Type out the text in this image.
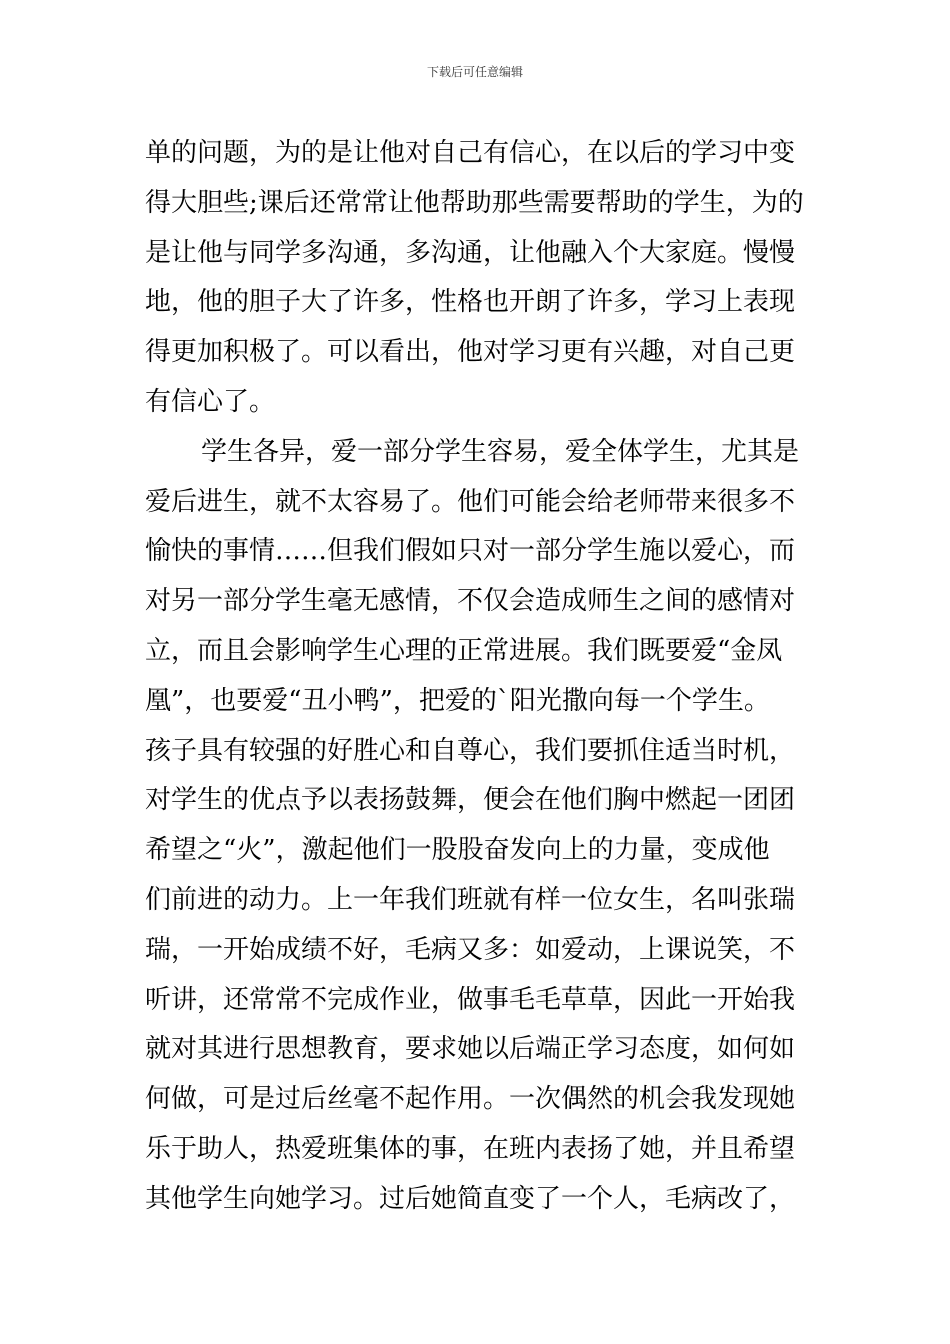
下载后可任意编辑
单的问题，为的是让他对自己有信心，在以后的学习中变
得大胆些;课后还常常让他帮助那些需要帮助的学生，为的
是让他与同学多沟通，多沟通，让他融入个大家庭。慢慢
地，他的胆子大了许多，性格也开朗了许多，学习上表现
得更加积极了。可以看出，他对学习更有兴趣，对自己更
有信心了。
学生各异，爱一部分学生容易，爱全体学生，尤其是
爱后进生，就不太容易了。他们可能会给老师带来很多不
愉快的事情……但我们假如只对一部分学生施以爱心，而
对另一部分学生毫无感情，不仅会造成师生之间的感情对
立，而且会影响学生心理的正常进展。我们既要爱“金凤
凰”，也要爱“丑小鸭”，把爱的`阳光撒向每一个学生。
孩子具有较强的好胜心和自尊心，我们要抓住适当时机，
对学生的优点予以表扬鼓舞，便会在他们胸中燃起一团团
希望之“火”，激起他们一股股奋发向上的力量，变成他
们前进的动力。上一年我们班就有样一位女生，名叫张瑞
瑞，一开始成绩不好，毛病又多：如爱动，上课说笑，不
听讲，还常常不完成作业，做事毛毛草草，因此一开始我
就对其进行思想教育，要求她以后端正学习态度，如何如
何做，可是过后丝毫不起作用。一次偶然的机会我发现她
乐于助人，热爱班集体的事，在班内表扬了她，并且希望
其他学生向她学习。过后她简直变了一个人，毛病改了，
